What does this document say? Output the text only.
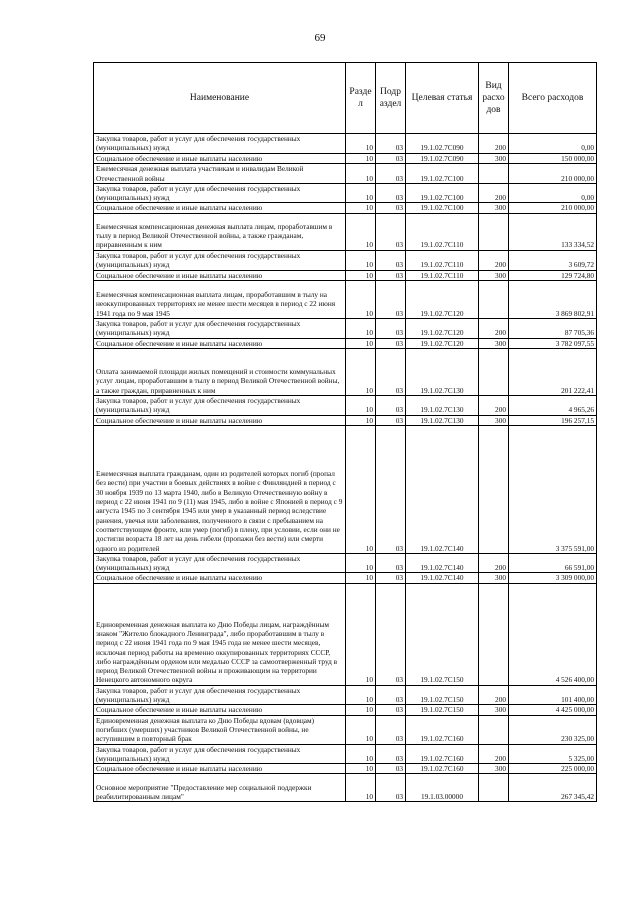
69
Наименование	Разде л	Подр аздел	Целевая статья	Вид расхо дов	Всего расходов
Закупка товаров, работ и услуг для обеспечения государственных (муниципальных) нужд	10	03	19.1.02.7С090	200	0,00
Социальное обеспечение и иные выплаты населению	10	03	19.1.02.7С090	300	150 000,00
Ежемесячная денежная выплата участникам и инвалидам Великой Отечественной войны	10	03	19.1.02.7С100		210 000,00
Закупка товаров, работ и услуг для обеспечения государственных (муниципальных) нужд	10	03	19.1.02.7С100	200	0,00
Социальное обеспечение и иные выплаты населению	10	03	19.1.02.7С100	300	210 000,00
Ежемесячная компенсационная денежная выплата лицам, проработавшим в тылу в период Великой Отечественной войны, а также гражданам, приравненным к ним	10	03	19.1.02.7С110		133 334,52
Закупка товаров, работ и услуг для обеспечения государственных (муниципальных) нужд	10	03	19.1.02.7С110	200	3 609,72
Социальное обеспечение и иные выплаты населению	10	03	19.1.02.7С110	300	129 724,80
Ежемесячная компенсационная выплата лицам, проработавшим в тылу на неоккупированных территориях не менее шести месяцев в период с 22 июня 1941 года по 9 мая 1945	10	03	19.1.02.7С120		3 869 802,91
Закупка товаров, работ и услуг для обеспечения государственных (муниципальных) нужд	10	03	19.1.02.7С120	200	87 705,36
Социальное обеспечение и иные выплаты населению	10	03	19.1.02.7С120	300	3 782 097,55
Оплата занимаемой площади жилых помещений и стоимости коммунальных услуг лицам, проработавшим в тылу в период Великой Отечественной войны, а также граждан, приравненных к ним	10	03	19.1.02.7С130		201 222,41
Закупка товаров, работ и услуг для обеспечения государственных (муниципальных) нужд	10	03	19.1.02.7С130	200	4 965,26
Социальное обеспечение и иные выплаты населению	10	03	19.1.02.7С130	300	196 257,15
Ежемесячная выплата гражданам, один из родителей которых погиб (пропал без вести) при участии в боевых действиях в войне с Финляндией в период с 30 ноября 1939 по 13 марта 1940, либо в Великую Отечественную войну в период с 22 июня 1941 по 9 (11) мая 1945, либо в войне с Японией в период с 9 августа 1945 по 3 сентября 1945 или умер в указанный период вследствие ранения, увечья или заболевания, полученного в связи с пребыванием на соответствующем фронте, или умер (погиб) в плену, при условии, если они не достигли возраста 18 лет на день гибели (пропажи без вести) или смерти одного из родителей	10	03	19.1.02.7С140		3 375 591,00
Закупка товаров, работ и услуг для обеспечения государственных (муниципальных) нужд	10	03	19.1.02.7С140	200	66 591,00
Социальное обеспечение и иные выплаты населению	10	03	19.1.02.7С140	300	3 309 000,00
Единовременная денежная выплата ко Дню Победы лицам, награждённым знаком "Жителю блокадного Ленинграда", либо проработавшим в тылу в период с 22 июня 1941 года по 9 мая 1945 года не менее шести месяцев, исключая период работы на временно оккупированных территориях СССР, либо награждённым орденом или медалью СССР за самоотверженный труд в период Великой Отечественной войны и проживающим на территории Ненецкого автономного округа	10	03	19.1.02.7С150		4 526 400,00
Закупка товаров, работ и услуг для обеспечения государственных (муниципальных) нужд	10	03	19.1.02.7С150	200	101 400,00
Социальное обеспечение и иные выплаты населению	10	03	19.1.02.7С150	300	4 425 000,00
Единовременная денежная выплата ко Дню Победы вдовам (вдовцам) погибших (умерших) участников Великой Отечественной войны, не вступившим в повторный брак	10	03	19.1.02.7С160		230 325,00
Закупка товаров, работ и услуг для обеспечения государственных (муниципальных) нужд	10	03	19.1.02.7С160	200	5 325,00
Социальное обеспечение и иные выплаты населению	10	03	19.1.02.7С160	300	225 000,00
Основное мероприятие "Предоставление мер социальной поддержки реабилитированным лицам"	10	03	19.1.03.00000		267 345,42
